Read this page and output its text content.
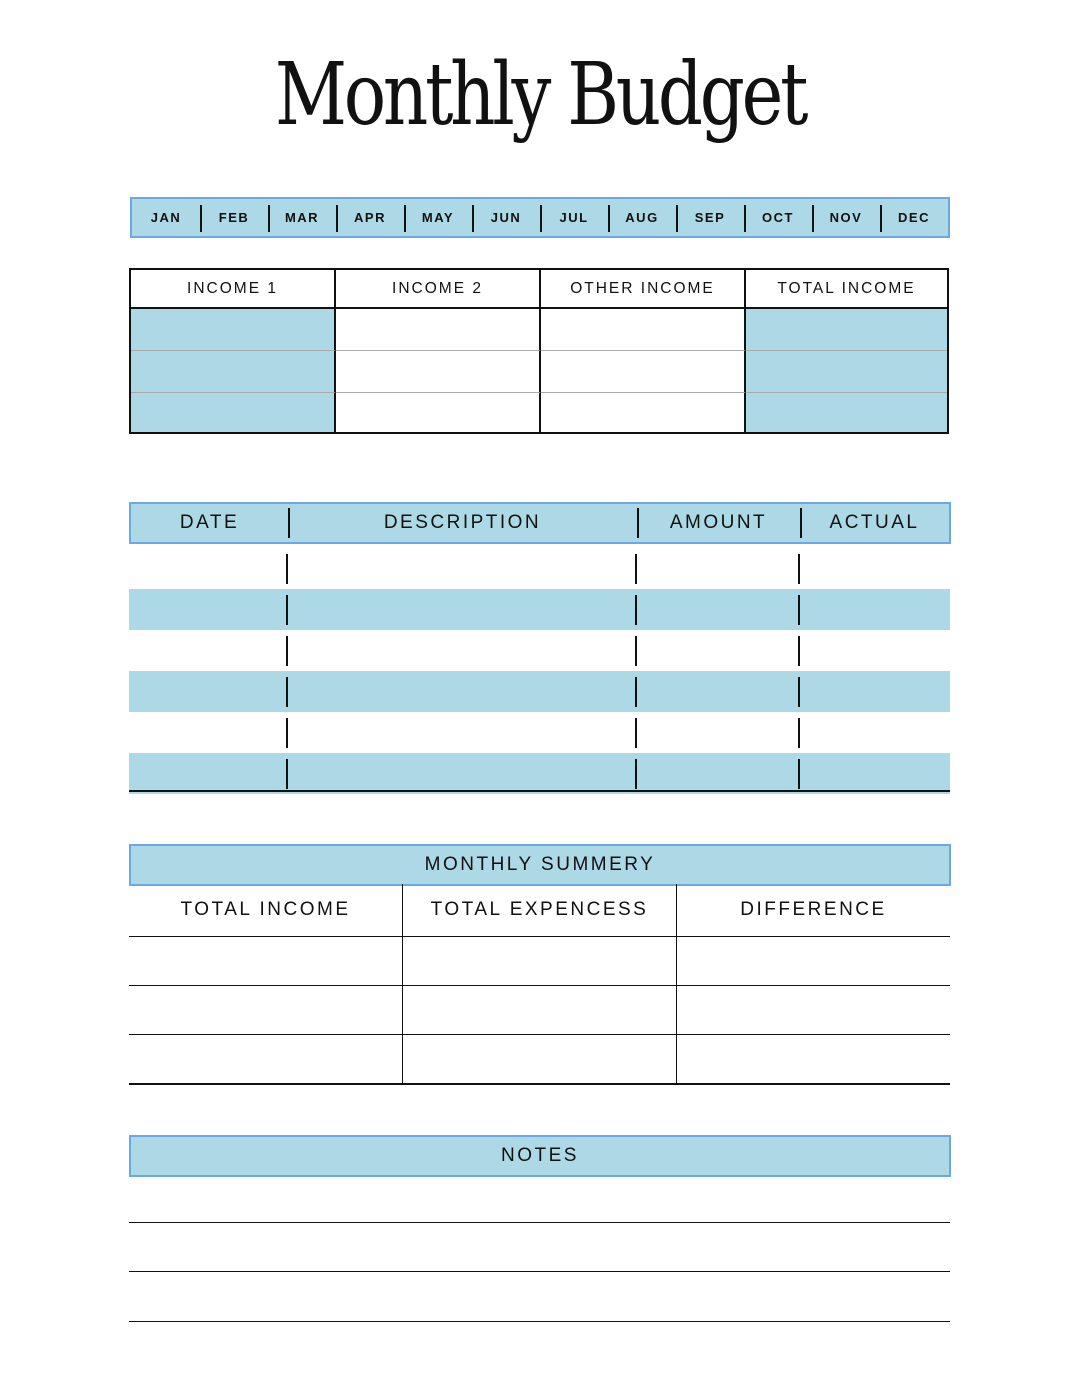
Monthly Budget
JAN	FEB	MAR	APR	MAY	JUN	JUL	AUG	SEP	OCT	NOV	DEC
INCOME 1	INCOME 2	OTHER INCOME	TOTAL INCOME
DATE	DESCRIPTION	AMOUNT	ACTUAL
MONTHLY SUMMERY
TOTAL INCOME	TOTAL EXPENCESS	DIFFERENCE
NOTES
